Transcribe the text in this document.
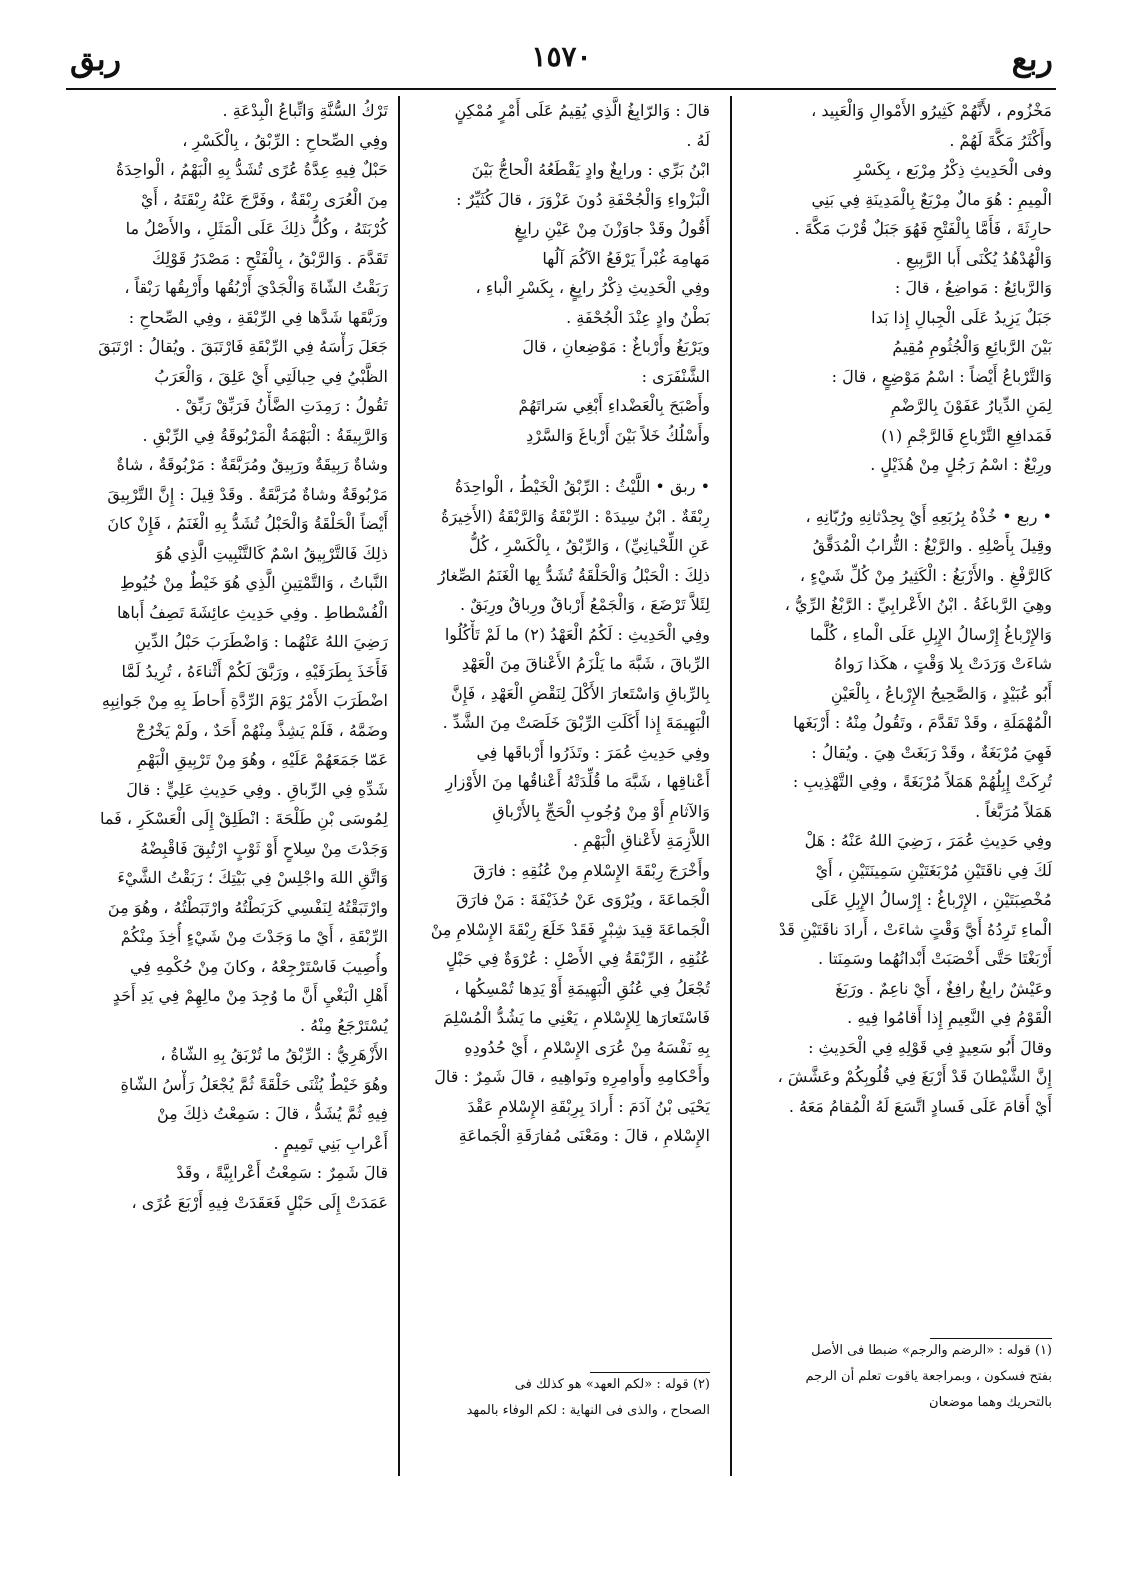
ربع
١٥٧٠
ربق
مَخْزُوم ، لأَنَّهُمْ كَثِيرُو الأَمْوالِ وَالْعَبِيد ،
وأَكْثَرُ مَكَّةَ لَهُمْ .
وفى الْحَدِيثِ ذِكْرُ مِرْبَع ، بِكَسْرِ
الْمِيمِ : هُوَ مالٌ مِرْبَعٌ بِالْمَدِينَةِ فِي بَنِي
حارِثَةَ ، فَأَمَّا بِالْفَتْحِ فَهُوَ جَبَلٌ قُرْبَ مَكَّةَ .
وَالْهُدْهُدُ يُكْنَى أَبا الرَّبِيعِ .
وَالرَّبائِعُ : مَواضِعُ ، قالَ :
جَبَلٌ يَزِيدُ عَلَى الْجِبالِ إِذا بَدا
بَيْنَ الرَّبائِعِ وَالْجُثُومِ مُقِيمُ
وَالتَّرْباعُ أَيْضاً : اسْمُ مَوْضِعٍ ، قالَ :
لِمَنِ الدِّيارُ عَفَوْنَ بِالرَّضْمِ
فَمَدافِعِ التَّرْباعِ فَالرَّجْمِ (١)
ورِبْعٌ : اسْمُ رَجُلٍ مِنْ هُذَيْلٍ .
• ربع • خُذْهُ بِرُبَعِهِ أَيْ بِحِدْثانِهِ ورُبّانِهِ ،
وقِيلَ بِأَصْلِهِ . والرَّبْغُ : التُّرابُ الْمُدَقَّقُ
كَالرَّفْغِ . والأَرْبَغُ : الْكَثِيرُ مِنْ كُلِّ شَيْءٍ ،
وهِيَ الرَّباغَةُ . ابْنُ الأَعْرابِيِّ : الرَّبْغُ الرِّيُّ ،
وَالإِرْباغُ إِرْسالُ الإِبِلِ عَلَى الْماءِ ، كُلَّما
شاءَتْ وَرَدَتْ بِلا وَقْتٍ ، هكَذا رَواهُ
أَبُو عُبَيْدٍ ، وَالصَّحِيحُ الإِرْباعُ ، بِالْعَيْنِ
الْمُهْمَلَةِ ، وقَدْ تَقَدَّمَ ، وتَقُولُ مِنْهُ : أَرْبَغَها
فَهِيَ مُرْبَغَةٌ ، وقَدْ رَبَغَتْ هِيَ . ويُقالُ :
تُرِكَتْ إِبِلُهُمْ هَمَلاً مُرْبَغَةً ، وفِي التَّهْذِيبِ :
هَمَلاً مُرَبَّغاً .
وفِي حَدِيثِ عُمَرَ ، رَضِيَ اللهُ عَنْهُ : هَلْ
لَكَ فِي ناقَتَيْنِ مُرْبَغَتَيْنِ سَمِينَتَيْنِ ، أَيْ
مُخْصِبَتَيْنِ ، الإِرْباغُ : إِرْسالُ الإِبِلِ عَلَى
الْماءِ تَرِدُهُ أَيَّ وَقْتٍ شاءَتْ ، أَرادَ ناقَتَيْنِ قَدْ
أَرْبَغْتَا حَتَّى أَخْصَبَتْ أَبْدانُهُما وسَمِنَتا .
وعَيْشٌ رابِغٌ رافِغٌ ، أَيْ ناعِمٌ . ورَبَغَ
الْقَوْمُ فِي النَّعِيمِ إِذا أَقامُوا فِيهِ .
وقالَ أَبُو سَعِيدٍ فِي قَوْلِهِ فِي الْحَدِيثِ :
إِنَّ الشَّيْطانَ قَدْ أَرْبَغَ فِي قُلُوبِكُمْ وعَشَّشَ ،
أَيْ أَقامَ عَلَى فَسادٍ اتَّسَعَ لَهُ الْمُقامُ مَعَهُ .
قالَ : وَالرّابِغُ الَّذِي يُقِيمُ عَلَى أَمْرٍ مُمْكِنٍ
لَهُ .
ابْنُ بَرِّي : ورابِغٌ وادٍ يَقْطَعُهُ الْحاجُّ بَيْنَ
الْبَزْواءِ وَالْجُحْفَةِ دُونَ عَزْوَرَ ، قالَ كُثَيِّرٌ :
أَقُولُ وقَدْ جاوَزْنَ مِنْ عَيْنِ رابِغٍ
مَهامِهَ غُبْراً يَرْفَعُ الآكُمَ آلُها
وفِي الْحَدِيثِ ذِكْرُ رابِغٍ ، بِكَسْرِ الْباءِ ،
بَطْنُ وادٍ عِنْدَ الْجُحْفَةِ .
ويَرْبَغُ وأَرْباغٌ : مَوْضِعانِ ، قالَ
الشَّنْفَرَى :
وأَصْبَحَ بِالْعَضْداءِ أَبْغِي سَراتَهُمْ
وأَسْلُكُ خَلاً بَيْنَ أَرْباغَ وَالسَّرْدِ
• ربق • اللَّيْثُ : الرِّبْقُ الْخَيْطُ ، الْواحِدَةُ
رِبْقَةٌ . ابْنُ سِيدَهْ : الرِّبْقَةُ وَالرَّبْقَةُ (الأَخِيرَةُ
عَنِ اللِّحْيانِيِّ) ، وَالرِّبْقُ ، بِالْكَسْرِ ، كُلُّ
ذلِكَ : الْحَبْلُ وَالْحَلْقَةُ تُشَدُّ بِها الْغَنَمُ الصِّغارُ
لِئَلاَّ تَرْضَعَ ، وَالْجَمْعُ أَرْباقٌ ورِباقٌ ورِبَقٌ .
وفِي الْحَدِيثِ : لَكُمُ الْعَهْدُ (٢) ما لَمْ تَأْكُلُوا
الرِّباقَ ، شَبَّهَ ما يَلْزَمُ الأَعْناقَ مِنَ الْعَهْدِ
بِالرِّباقِ وَاسْتَعارَ الأَكْلَ لِنَقْضِ الْعَهْدِ ، فَإِنَّ
الْبَهِيمَةَ إِذا أَكَلَتِ الرِّبْقَ خَلَصَتْ مِنَ الشَّدِّ .
وفِي حَدِيثِ عُمَرَ : وتَذَرُوا أَرْباقَها فِي
أَعْناقِها ، شَبَّهَ ما قُلِّدَتْهُ أَعْناقُها مِنَ الأَوْزارِ
وَالآثامِ أَوْ مِنْ وُجُوبِ الْحَجِّ بِالأَرْباقِ
اللاَّزِمَةِ لأَعْناقِ الْبَهْمِ .
وأَخْرَجَ رِبْقَةَ الإِسْلامِ مِنْ عُنُقِهِ : فارَقَ
الْجَماعَةَ ، ويُرْوَى عَنْ حُذَيْفَةَ : مَنْ فارَقَ
الْجَماعَةَ قِيدَ شِبْرٍ فَقَدْ خَلَعَ رِبْقَةَ الإِسْلامِ مِنْ
عُنُقِهِ ، الرِّبْقَةُ فِي الأَصْلِ : عُرْوَةٌ فِي حَبْلٍ
تُجْعَلُ فِي عُنُقِ الْبَهِيمَةِ أَوْ يَدِها تُمْسِكُها ،
فَاسْتَعارَها لِلإِسْلامِ ، يَعْنِي ما يَشُدُّ الْمُسْلِمَ
بِهِ نَفْسَهُ مِنْ عُرَى الإِسْلامِ ، أَيْ حُدُودِهِ
وأَحْكامِهِ وأَوامِرِهِ ونَواهِيهِ ، قالَ شَمِرٌ : قالَ
يَحْيَى بْنُ آدَمَ : أَرادَ بِرِبْقَةِ الإِسْلامِ عَقْدَ
الإِسْلامِ ، قالَ : ومَعْنَى مُفارَقَةِ الْجَماعَةِ
تَرْكُ السُّنَّةِ وَاتِّباعُ الْبِدْعَةِ .
وفِي الصِّحاحِ : الرِّبْقُ ، بِالْكَسْرِ ،
حَبْلٌ فِيهِ عِدَّةُ عُرًى تُشَدُّ بِهِ الْبَهْمُ ، الْواحِدَةُ
مِنَ الْعُرَى رِبْقَةٌ ، وفَرَّجَ عَنْهُ رِبْقَتَهُ ، أَيْ
كُرْبَتَهُ ، وكُلُّ ذلِكَ عَلَى الْمَثَلِ ، والأَصْلُ ما
تَقَدَّمَ . وَالرَّبْقُ ، بِالْفَتْحِ : مَصْدَرُ قَوْلِكَ
رَبَقْتُ الشّاةَ وَالْجَدْيَ أَرْبُقُها وأَرْبِقُها رَبْقاً ،
ورَبَّقَها شَدَّها فِي الرِّبْقَةِ ، وفِي الصِّحاحِ :
جَعَلَ رَأْسَهُ فِي الرِّبْقَةِ فَارْتَبَقَ . ويُقالُ : ارْتَبَقَ
الظَّبْيُ فِي حِبالَتِي أَيْ عَلِقَ ، وَالْعَرَبُ
تَقُولُ : رَمِدَتِ الضَّأْنُ فَرَبِّقْ رَبِّقْ .
وَالرَّبِيقَةُ : الْبَهْمَةُ الْمَرْبُوقَةُ فِي الرِّبْقِ .
وشاةٌ رَبِيقَةٌ ورَبِيقٌ ومُرَبَّقَةٌ : مَرْبُوقَةٌ ، شاةٌ
مَرْبُوقَةٌ وشاةٌ مُرَبَّقَةٌ . وقَدْ قِيلَ : إِنَّ التَّرْبِيقَ
أَيْضاً الْحَلْقَةُ وَالْحَبْلُ تُشَدُّ بِهِ الْغَنَمُ ، فَإِنْ كانَ
ذلِكَ فَالتَّرْبِيقُ اسْمٌ كَالتَّنْبِيتِ الَّذِي هُوَ
النَّباتُ ، وَالتَّمْتِينِ الَّذِي هُوَ خَيْطٌ مِنْ خُيُوطِ
الْفُسْطاطِ . وفِي حَدِيثِ عائِشَةَ تَصِفُ أَباها
رَضِيَ اللهُ عَنْهُما : وَاضْطَرَبَ حَبْلُ الدِّينِ
فَأَخَذَ بِطَرَفَيْهِ ، ورَبَّقَ لَكُمْ أَثْناءَهُ ، تُرِيدُ لَمَّا
اضْطَرَبَ الأَمْرُ يَوْمَ الرِّدَّةِ أَحاطَ بِهِ مِنْ جَوانِبِهِ
وضَمَّهُ ، فَلَمْ يَشِذَّ مِنْهُمْ أَحَدٌ ، ولَمْ يَخْرُجْ
عَمّا جَمَعَهُمْ عَلَيْهِ ، وهُوَ مِنْ تَرْبِيقِ الْبَهْمِ
شَدِّهِ فِي الرِّباقِ . وفِي حَدِيثِ عَلِيٍّ : قالَ
لِمُوسَى بْنِ طَلْحَةَ : انْطَلِقْ إِلَى الْعَسْكَرِ ، فَما
وَجَدْتَ مِنْ سِلاحٍ أَوْ ثَوْبٍ ارْتُبِقَ فَاقْبِضْهُ
وَاتَّقِ اللهَ واجْلِسْ فِي بَيْتِكَ ؛ رَبَقْتُ الشَّيْءَ
وارْتَبَقْتُهُ لِنَفْسِي كَرَبَطْتُهُ وارْتَبَطْتُهُ ، وهُوَ مِنَ
الرِّبْقَةِ ، أَيْ ما وَجَدْتَ مِنْ شَيْءٍ أُخِذَ مِنْكُمْ
وأُصِيبَ فَاسْتَرْجِعْهُ ، وكانَ مِنْ حُكْمِهِ فِي
أَهْلِ الْبَغْيِ أَنَّ ما وُجِدَ مِنْ مالِهِمْ فِي يَدِ أَحَدٍ
يُسْتَرْجَعُ مِنْهُ .
الأَزْهَرِيُّ : الرِّبْقُ ما تُرْبَقُ بِهِ الشّاةُ ،
وهُوَ خَيْطٌ يُثْنَى حَلْقَةً ثُمَّ يُجْعَلُ رَأْسُ الشّاةِ
فِيهِ ثُمَّ يُشَدُّ ، قالَ : سَمِعْتُ ذلِكَ مِنْ
أَعْرابِ بَنِي تَمِيمٍ .
قالَ شَمِرٌ : سَمِعْتُ أَعْرابِيَّةً ، وقَدْ
عَمَدَتْ إِلَى حَبْلٍ فَعَقَدَتْ فِيهِ أَرْبَعَ عُرًى ،
(١) قوله : «الرضم والرجم» ضبطا فى الأصل
بفتح فسكون ، وبمراجعة ياقوت تعلم أن الرجم
بالتحريك وهما موضعان
(٢) قوله : «لكم العهد» هو كذلك فى
الصحاح ، والذى فى النهاية : لكم الوفاء بالمهد
